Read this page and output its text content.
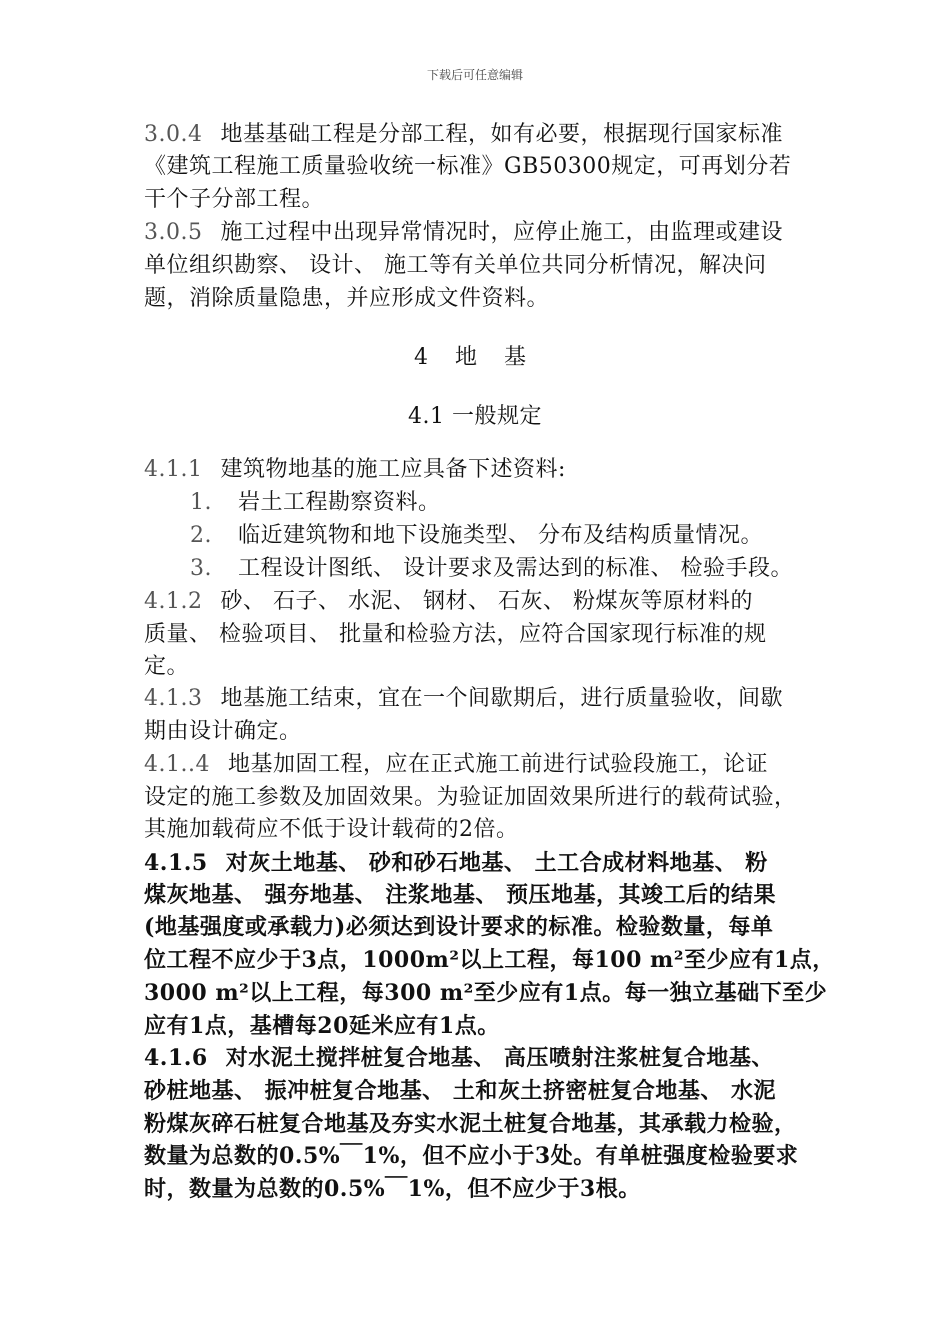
下载后可任意编辑
3.0.4 地基基础工程是分部工程，如有必要，根据现行国家标准
《建筑工程施工质量验收统一标准》GB50300规定，可再划分若
干个子分部工程。
3.0.5 施工过程中出现异常情况时，应停止施工，由监理或建设
单位组织勘察、 设计、 施工等有关单位共同分析情况，解决问
题，消除质量隐患，并应形成文件资料。
4 地 基
4.1 一般规定
4.1.1 建筑物地基的施工应具备下述资料:
1. 岩土工程勘察资料。
2. 临近建筑物和地下设施类型、 分布及结构质量情况。
3. 工程设计图纸、 设计要求及需达到的标准、 检验手段。
4.1.2 砂、 石子、 水泥、 钢材、 石灰、 粉煤灰等原材料的
质量、 检验项目、 批量和检验方法，应符合国家现行标准的规
定。
4.1.3 地基施工结束，宜在一个间歇期后，进行质量验收，间歇
期由设计确定。
4.1..4 地基加固工程，应在正式施工前进行试验段施工，论证
设定的施工参数及加固效果。为验证加固效果所进行的载荷试验，
其施加载荷应不低于设计载荷的2倍。
4.1.5 对灰土地基、 砂和砂石地基、 土工合成材料地基、 粉
煤灰地基、 强夯地基、 注浆地基、 预压地基，其竣工后的结果
(地基强度或承载力)必须达到设计要求的标准。检验数量，每单
位工程不应少于3点，1000m²以上工程，每100 m²至少应有1点，
3000 m²以上工程，每300 m²至少应有1点。每一独立基础下至少
应有1点，基槽每20延米应有1点。
4.1.6 对水泥土搅拌桩复合地基、 高压喷射注浆桩复合地基、
砂桩地基、 振冲桩复合地基、 土和灰土挤密桩复合地基、 水泥
粉煤灰碎石桩复合地基及夯实水泥土桩复合地基，其承载力检验，
数量为总数的0.5%￣1%，但不应小于3处。有单桩强度检验要求
时，数量为总数的0.5%￣1%，但不应少于3根。
